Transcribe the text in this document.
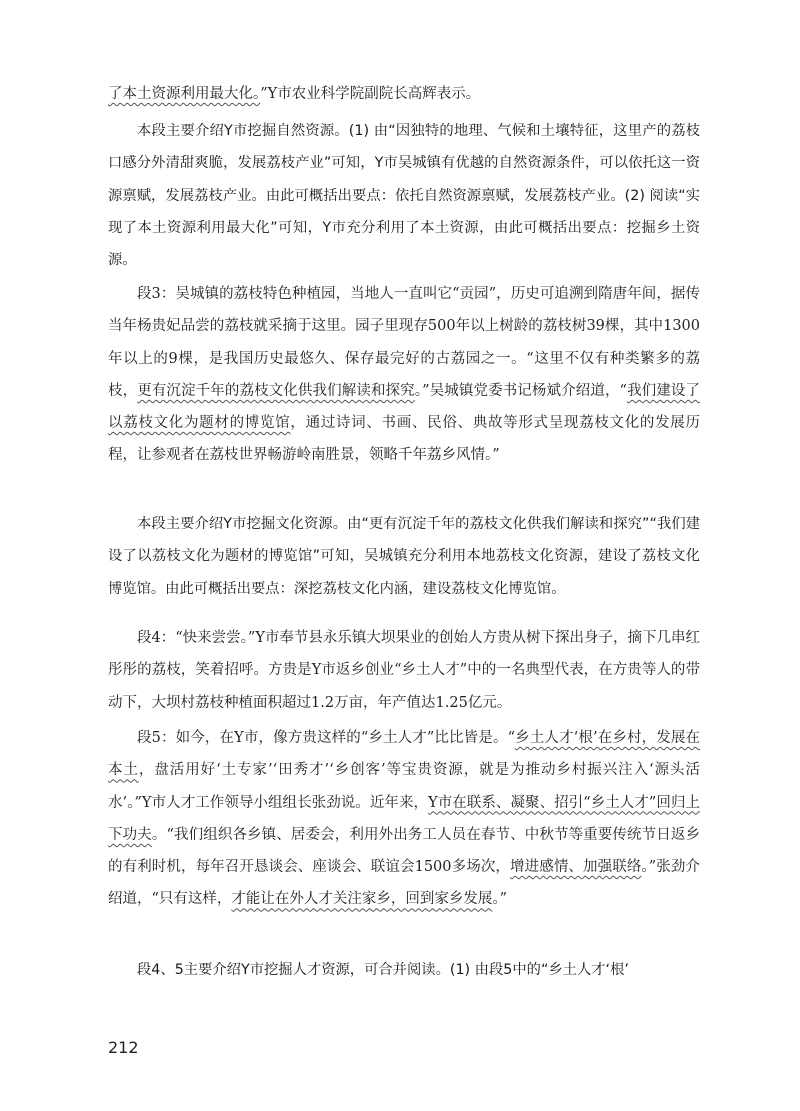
了本土资源利用最大化。”Y市农业科学院副院长高辉表示。

本段主要介绍Y市挖掘自然资源。(1) 由“因独特的地理、气候和土壤特征，这里产的荔枝口感分外清甜爽脆，发展荔枝产业”可知，Y市吴城镇有优越的自然资源条件，可以依托这一资源禀赋，发展荔枝产业。由此可概括出要点：依托自然资源禀赋，发展荔枝产业。(2) 阅读“实现了本土资源利用最大化”可知，Y市充分利用了本土资源，由此可概括出要点：挖掘乡土资源。

段3：吴城镇的荔枝特色种植园，当地人一直叫它“贡园”，历史可追溯到隋唐年间，据传当年杨贵妃品尝的荔枝就采摘于这里。园子里现存500年以上树龄的荔枝树39棵，其中1300年以上的9棵，是我国历史最悠久、保存最完好的古荔园之一。“这里不仅有种类繁多的荔枝，更有沉淀千年的荔枝文化供我们解读和探究。”吴城镇党委书记杨斌介绍道，“我们建设了以荔枝文化为题材的博览馆，通过诗词、书画、民俗、典故等形式呈现荔枝文化的发展历程，让参观者在荔枝世界畅游岭南胜景，领略千年荔乡风情。”

本段主要介绍Y市挖掘文化资源。由“更有沉淀千年的荔枝文化供我们解读和探究”“我们建设了以荔枝文化为题材的博览馆”可知，吴城镇充分利用本地荔枝文化资源，建设了荔枝文化博览馆。由此可概括出要点：深挖荔枝文化内涵，建设荔枝文化博览馆。

段4：“快来尝尝。”Y市奉节县永乐镇大坝果业的创始人方贵从树下探出身子，摘下几串红彤彤的荔枝，笑着招呼。方贵是Y市返乡创业“乡土人才”中的一名典型代表，在方贵等人的带动下，大坝村荔枝种植面积超过1.2万亩，年产值达1.25亿元。

段5：如今，在Y市，像方贵这样的“乡土人才”比比皆是。“乡土人才‘根’在乡村，发展在本土，盘活用好‘土专家’‘田秀才’‘乡创客’等宝贵资源，就是为推动乡村振兴注入‘源头活水’。”Y市人才工作领导小组组长张劲说。近年来，Y市在联系、凝聚、招引“乡土人才”回归上下功夫。“我们组织各乡镇、居委会，利用外出务工人员在春节、中秋节等重要传统节日返乡的有利时机，每年召开恳谈会、座谈会、联谊会1500多场次，增进感情、加强联络。”张劲介绍道，“只有这样，才能让在外人才关注家乡，回到家乡发展。”

段4、5主要介绍Y市挖掘人才资源，可合并阅读。(1) 由段5中的“乡土人才‘根’

212
